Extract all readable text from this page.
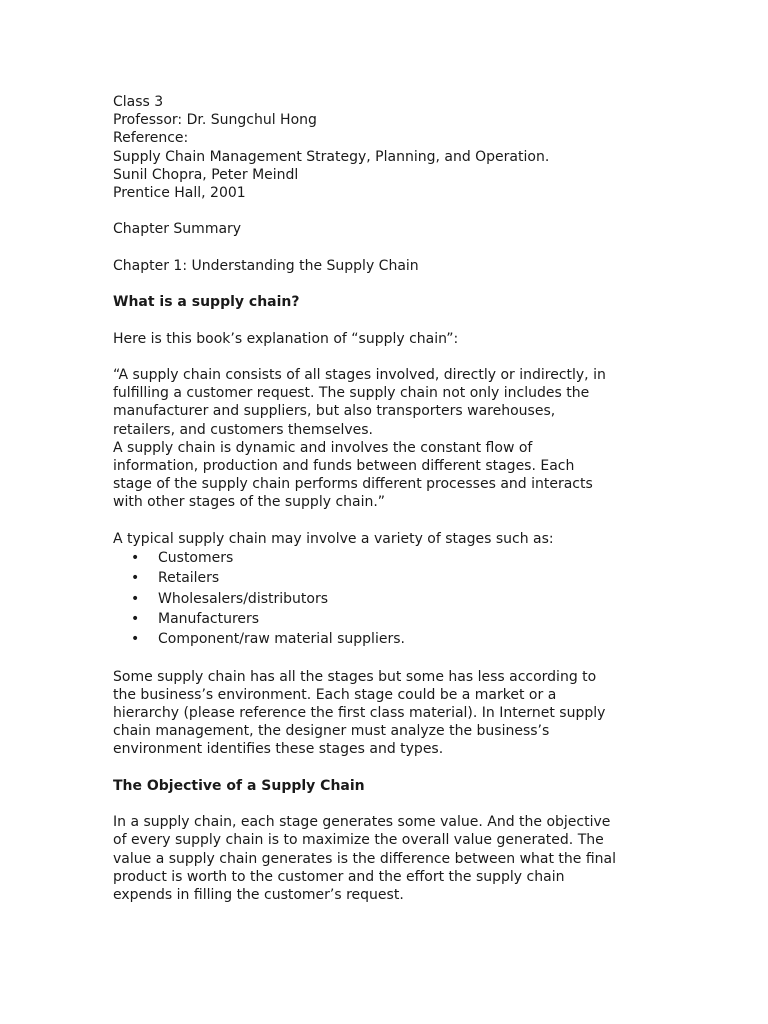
Class 3
Professor: Dr. Sungchul Hong
Reference:
Supply Chain Management Strategy, Planning, and Operation.
Sunil Chopra, Peter Meindl
Prentice Hall, 2001
Chapter Summary
Chapter 1: Understanding the Supply Chain
What is a supply chain?
Here is this book’s explanation of “supply chain”:
“A supply chain consists of all stages involved, directly or indirectly, in
fulfilling a customer request. The supply chain not only includes the
manufacturer and suppliers, but also transporters warehouses,
retailers, and customers themselves.
A supply chain is dynamic and involves the constant flow of
information, production and funds between different stages. Each
stage of the supply chain performs different processes and interacts
with other stages of the supply chain.”
A typical supply chain may involve a variety of stages such as:
• Customers
• Retailers
• Wholesalers/distributors
• Manufacturers
• Component/raw material suppliers.
Some supply chain has all the stages but some has less according to
the business’s environment. Each stage could be a market or a
hierarchy (please reference the first class material). In Internet supply
chain management, the designer must analyze the business’s
environment identifies these stages and types.
The Objective of a Supply Chain
In a supply chain, each stage generates some value. And the objective
of every supply chain is to maximize the overall value generated. The
value a supply chain generates is the difference between what the final
product is worth to the customer and the effort the supply chain
expends in filling the customer’s request.
